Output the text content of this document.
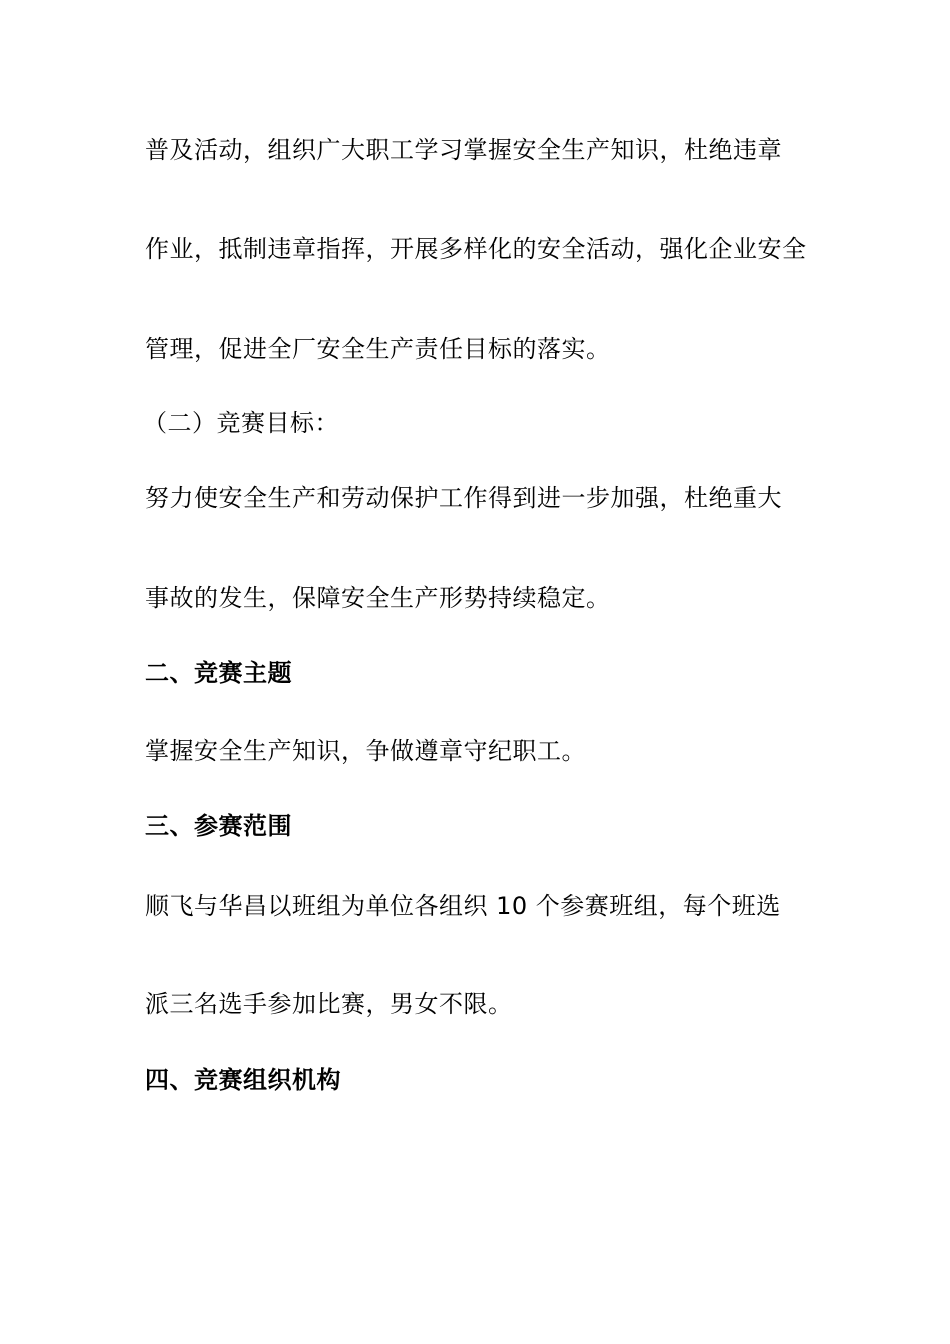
普及活动，组织广大职工学习掌握安全生产知识，杜绝违章
作业，抵制违章指挥，开展多样化的安全活动，强化企业安全
管理，促进全厂安全生产责任目标的落实。
（二）竞赛目标：
努力使安全生产和劳动保护工作得到进一步加强，杜绝重大
事故的发生，保障安全生产形势持续稳定。
二、竞赛主题
掌握安全生产知识，争做遵章守纪职工。
三、参赛范围
顺飞与华昌以班组为单位各组织 10 个参赛班组，每个班选
派三名选手参加比赛，男女不限。
四、竞赛组织机构
